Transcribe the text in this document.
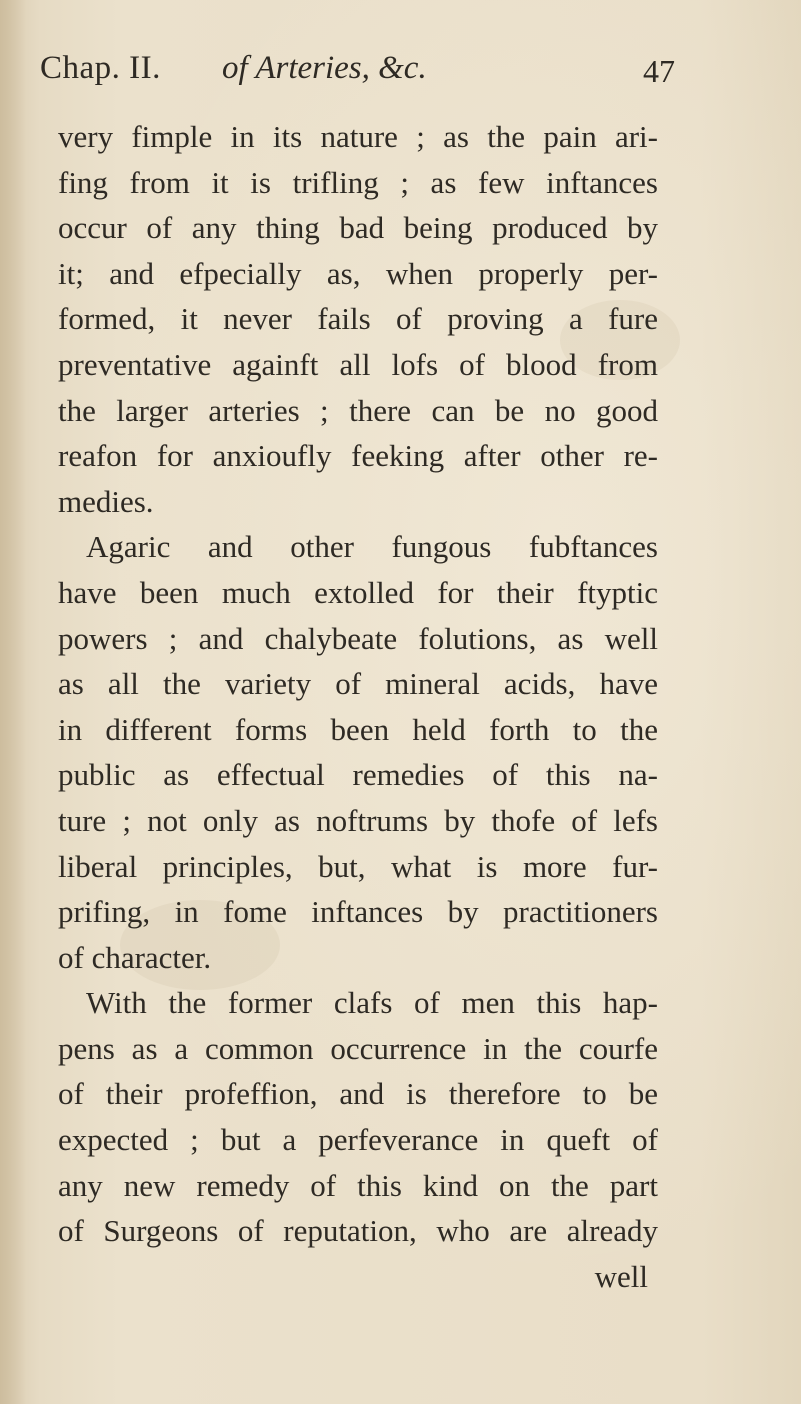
Chap. II. of Arteries, &c.	47
very fimple in its nature ; as the pain ari-
fing from it is trifling ; as few inftances
occur of any thing bad being produced by
it; and efpecially as, when properly per-
formed, it never fails of proving a fure
preventative againft all lofs of blood from
the larger arteries ; there can be no good
reafon for anxioufly feeking after other re-
medies.
Agaric and other fungous fubftances
have been much extolled for their ftyptic
powers ; and chalybeate folutions, as well
as all the variety of mineral acids, have
in different forms been held forth to the
public as effectual remedies of this na-
ture ; not only as noftrums by thofe of lefs
liberal principles, but, what is more fur-
prifing, in fome inftances by practitioners
of character.
With the former clafs of men this hap-
pens as a common occurrence in the courfe
of their profeffion, and is therefore to be
expected ; but a perfeverance in queft of
any new remedy of this kind on the part
of Surgeons of reputation, who are already
well
